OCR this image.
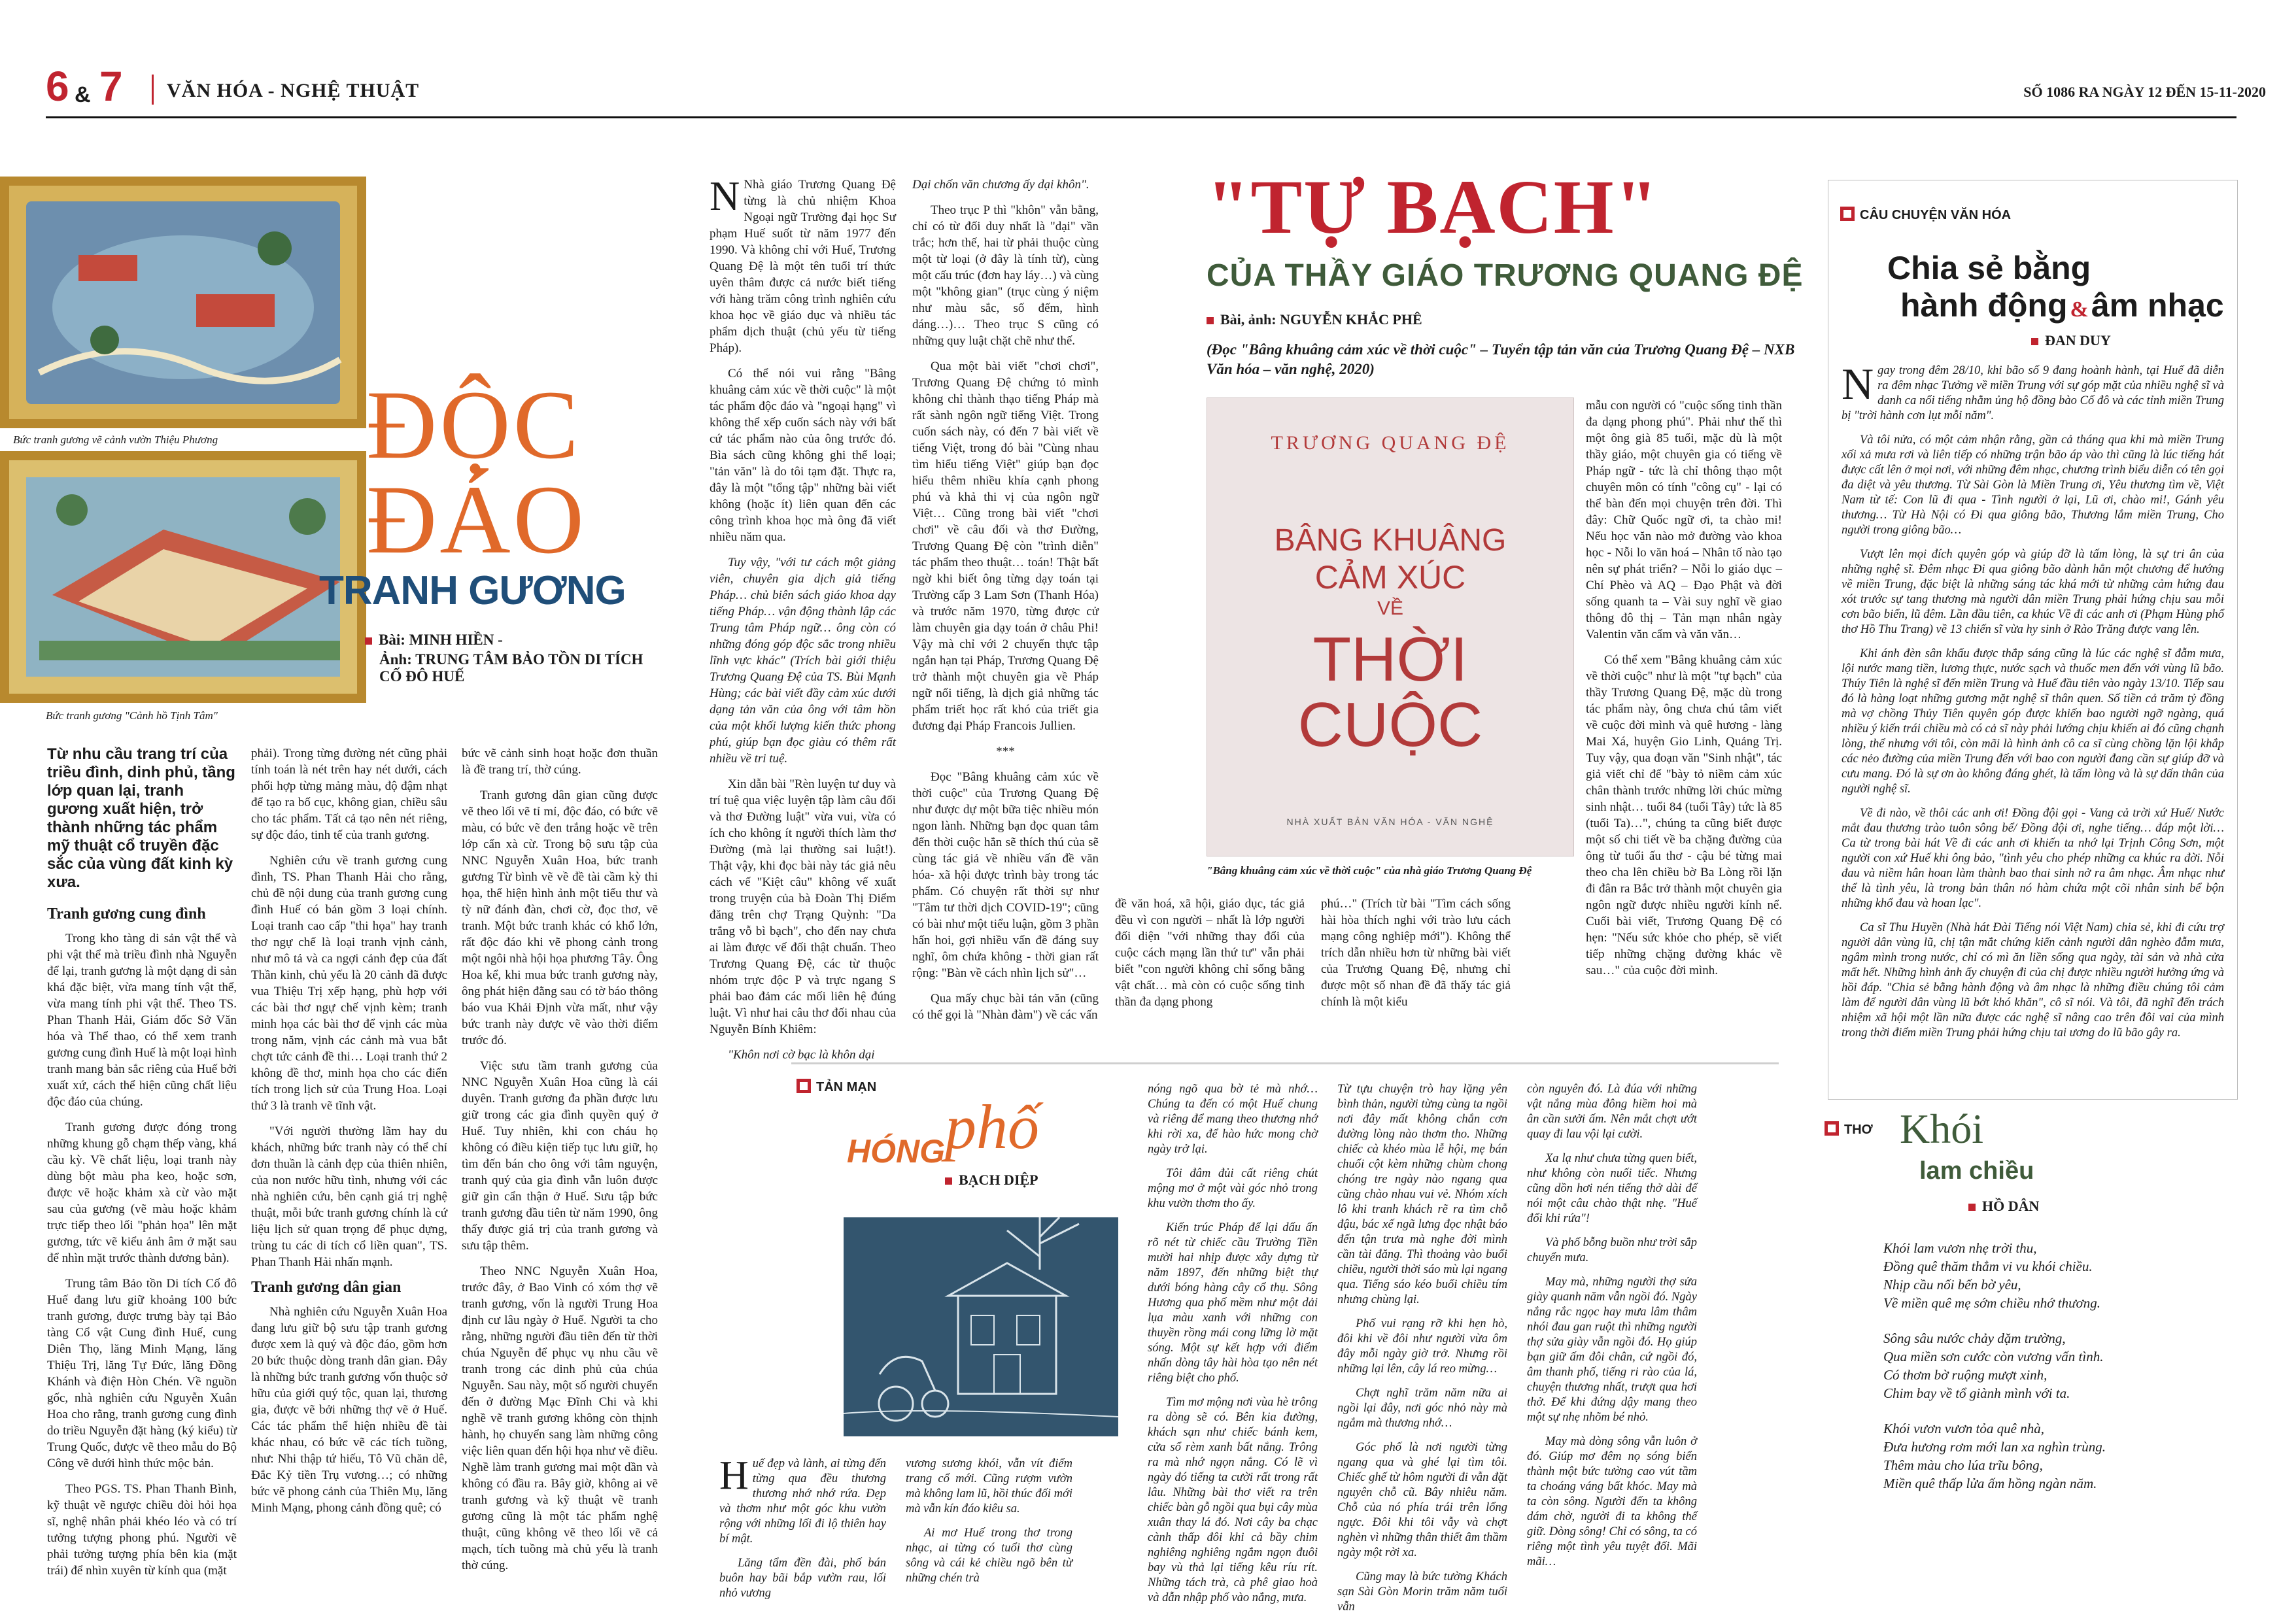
6 & 7 VĂN HÓA - NGHỆ THUẬT	SỐ 1086 RA NGÀY 12 ĐẾN 15-11-2020
Bức tranh gương vẽ cảnh vườn Thiệu Phương
Bức tranh gương "Cảnh hồ Tịnh Tâm"
ĐỘC
ĐÁO
TRANH GƯƠNG
Bài: MINH HIỀN -
Ảnh: TRUNG TÂM BẢO TỒN DI TÍCH CỐ ĐÔ HUẾ
Từ nhu cầu trang trí của triều đình, dinh phủ, tầng lớp quan lại, tranh gương xuất hiện, trở thành những tác phẩm mỹ thuật cổ truyền đặc sắc của vùng đất kinh kỳ xưa.
Tranh gương cung đình

Trong kho tàng di sản vật thể và phi vật thể mà triều đình nhà Nguyễn để lại, tranh gương là một dạng di sản khá đặc biệt, vừa mang tính vật thể, vừa mang tính phi vật thể. Theo TS. Phan Thanh Hải, Giám đốc Sở Văn hóa và Thể thao, có thể xem tranh gương cung đình Huế là một loại hình tranh mang bản sắc riêng của Huế bởi xuất xứ, cách thể hiện cũng chất liệu độc đáo của chúng.

Tranh gương được đóng trong những khung gỗ chạm thếp vàng, khá cầu kỳ. Về chất liệu, loại tranh này dùng bột màu pha keo, hoặc sơn, được vẽ hoặc khảm xà cừ vào mặt sau của gương (vẽ màu hoặc khảm trực tiếp theo lối "phản họa" lên mặt gương, tức vẽ kiểu ảnh âm ở mặt sau để nhìn mặt trước thành dương bản).

Trung tâm Bảo tồn Di tích Cố đô Huế đang lưu giữ khoảng 100 bức tranh gương, được trưng bày tại Bảo tàng Cổ vật Cung đình Huế, cung Diên Thọ, lăng Minh Mạng, lăng Thiệu Trị, lăng Tự Đức, lăng Đồng Khánh và điện Hòn Chén. Về nguồn gốc, nhà nghiên cứu Nguyễn Xuân Hoa cho rằng, tranh gương cung đình do triều Nguyễn đặt hàng (ký kiểu) từ Trung Quốc, được vẽ theo mẫu do Bộ Công vẽ dưới hình thức mộc bản.

Theo PGS. TS. Phan Thanh Bình, kỹ thuật vẽ ngược chiều đòi hỏi họa sĩ, nghệ nhân phải khéo léo và có trí tưởng tượng phong phú. Người vẽ phải tưởng tượng phía bên kia (mặt trái) để nhìn xuyên từ kính qua (mặt

phải). Trong từng đường nét cũng phải tính toán là nét trên hay nét dưới, cách phối hợp từng mảng màu, độ đậm nhạt để tạo ra bố cục, không gian, chiều sâu cho tác phẩm. Tất cả tạo nên nét riêng, sự độc đáo, tinh tế của tranh gương.

Nghiên cứu về tranh gương cung đình, TS. Phan Thanh Hải cho rằng, chủ đề nội dung của tranh gương cung đình Huế có bản gồm 3 loại chính. Loại tranh cao cấp "thi họa" hay tranh thơ ngự chế là loại tranh vịnh cảnh, như mô tả và ca ngợi cảnh đẹp của đất Thần kinh, chủ yếu là 20 cảnh đã được vua Thiệu Trị xếp hạng, phù hợp với các bài thơ ngự chế vịnh kèm; tranh minh họa các bài thơ để vịnh các mùa trong năm, vịnh các cảnh mà vua bắt chợt tức cảnh đề thi… Loại tranh thứ 2 không đề thơ, minh họa cho các điển tích trong lịch sử của Trung Hoa. Loại thứ 3 là tranh vẽ tĩnh vật.

"Với người thường lãm hay du khách, những bức tranh này có thể chỉ đơn thuần là cảnh đẹp của thiên nhiên, của non nước hữu tình, nhưng với các nhà nghiên cứu, bên cạnh giá trị nghệ thuật, mỗi bức tranh gương chính là cứ liệu lịch sử quan trọng để phục dựng, trùng tu các di tích cổ liền quan", TS. Phan Thanh Hải nhấn mạnh.

Tranh gương dân gian

Nhà nghiên cứu Nguyễn Xuân Hoa đang lưu giữ bộ sưu tập tranh gương được xem là quý và độc đáo, gồm hơn 20 bức thuộc dòng tranh dân gian. Đây là những bức tranh gương vốn thuộc sở hữu của giới quý tộc, quan lại, thương gia, được vẽ bởi những thợ vẽ ở Huế. Các tác phẩm thể hiện nhiều đề tài khác nhau, có bức vẽ các tích tuồng, như: Nhi thập tứ hiếu, Tô Vũ chăn dê, Đắc Kỷ tiền Trụ vương…; có những bức vẽ phong cảnh của Thiên Mụ, lăng Minh Mạng, phong cảnh đồng quê; có

bức vẽ cảnh sinh hoạt hoặc đơn thuần là đề trang trí, thờ cúng.

Tranh gương dân gian cũng được vẽ theo lối vẽ tỉ mỉ, độc đáo, có bức vẽ màu, có bức vẽ đen trắng hoặc vẽ trên lớp cẩn xà cừ. Trong bộ sưu tập của NNC Nguyễn Xuân Hoa, bức tranh gương Từ bình vẽ về đề tài cầm kỳ thi họa, thể hiện hình ảnh một tiểu thư và tỳ nữ đánh đàn, chơi cờ, đọc thơ, vẽ tranh. Một bức tranh khác có khổ lớn, rất độc đáo khi vẽ phong cảnh trong một ngôi nhà hội họa phương Tây. Ông Hoa kể, khi mua bức tranh gương này, ông phát hiện đằng sau có tờ báo thông báo vua Khải Định vừa mất, như vậy bức tranh này được vẽ vào thời điểm trước đó.

Việc sưu tầm tranh gương của NNC Nguyễn Xuân Hoa cũng là cái duyên. Tranh gương đa phần được lưu giữ trong các gia đình quyền quý ở Huế. Tuy nhiên, khi con cháu họ không có điều kiện tiếp tục lưu giữ, họ tìm đến bán cho ông với tâm nguyện, tranh quý của gia đình vẫn luôn được giữ gìn cẩn thận ở Huế. Sưu tập bức tranh gương đầu tiên từ năm 1990, ông thấy được giá trị của tranh gương và sưu tập thêm.

Theo NNC Nguyễn Xuân Hoa, trước đây, ở Bao Vinh có xóm thợ vẽ tranh gương, vốn là người Trung Hoa định cư lâu ngày ở Huế. Người ta cho rằng, những người đầu tiên đến từ thời chúa Nguyễn để phục vụ nhu cầu vẽ tranh trong các dinh phủ của chúa Nguyễn. Sau này, một số người chuyển đến ở đường Mạc Đĩnh Chi và khi nghề vẽ tranh gương không còn thịnh hành, họ chuyển sang làm những công việc liên quan đến hội họa như vẽ điều. Nghề làm tranh gương mai một dần và không có đầu ra. Bây giờ, không ai vẽ tranh gương và kỹ thuật vẽ tranh gương cũng là một tác phẩm nghệ thuật, cũng không vẽ theo lối vẽ cả mạch, tích tuồng mà chủ yếu là tranh thờ cúng.

N Nhà giáo Trương Quang Đệ từng là chủ nhiệm Khoa Ngoại ngữ Trường đại học Sư phạm Huế suốt từ năm 1977 đến 1990. Và không chỉ với Huế, Trương Quang Đệ là một tên tuổi trí thức uyên thâm được cả nước biết tiếng với hàng trăm công trình nghiên cứu khoa học về giáo dục và nhiều tác phẩm dịch thuật (chủ yếu từ tiếng Pháp).

Có thể nói vui rằng "Bâng khuâng cảm xúc về thời cuộc" là một tác phẩm độc đáo và "ngoại hạng" vì không thể xếp cuốn sách này với bất cứ tác phẩm nào của ông trước đó. Bìa sách cũng không ghi thể loại; "tản văn" là do tôi tạm đặt. Thực ra, đây là một "tổng tập" những bài viết không (hoặc ít) liên quan đến các công trình khoa học mà ông đã viết nhiều năm qua.

Tuy vậy, "với tư cách một giảng viên, chuyên gia dịch giả tiếng Pháp… chủ biên sách giáo khoa dạy tiếng Pháp… vận động thành lập các Trung tâm Pháp ngữ… ông còn có những đóng góp độc sắc trong nhiều lĩnh vực khác" (Trích bài giới thiệu Trương Quang Đệ của TS. Bùi Mạnh Hùng; các bài viết đầy cảm xúc dưới dạng tản văn của ông với tâm hồn của một khối lượng kiến thức phong phú, giúp bạn đọc giàu có thêm rất nhiều về tri tuệ.

Xin dẫn bài "Rèn luyện tư duy và trí tuệ qua việc luyện tập làm câu đối và thơ Đường luật" vừa vui, vừa có ích cho không ít người thích làm thơ Đường (mà lại thường sai luật!). Thật vậy, khi đọc bài này tác giả nêu cách vế "Kiệt câu" không vế xuất trong truyện của bà Đoàn Thị Điểm đăng trên chợ Trạng Quỳnh: "Da trắng vỗ bì bạch", cho đến nay chưa ai làm được vế đối thật chuẩn. Theo Trương Quang Đệ, các từ thuộc nhóm trực độc P và trực ngang S phải bao đảm các mối liên hệ đúng luật. Vì như hai câu thơ đối nhau của Nguyễn Bính Khiêm:

"Khôn nơi cờ bạc là khôn dại

Dại chốn văn chương ấy dại khôn".

Theo trục P thì "khôn" vẫn bằng, chỉ có từ đối duy nhất là "dại" vần trắc; hơn thế, hai từ phải thuộc cùng một từ loại (ở đây là tính từ), cùng một cấu trúc (đơn hay láy…) và cùng một "không gian" (trục cùng ý niệm như màu sắc, số đếm, hình dáng…)… Theo trục S cũng có những quy luật chặt chẽ như thế.

Qua một bài viết "chơi chơi", Trương Quang Đệ chứng tỏ mình không chỉ thành thạo tiếng Pháp mà rất sành ngôn ngữ tiếng Việt. Trong cuốn sách này, có đến 7 bài viết về tiếng Việt, trong đó bài "Cùng nhau tìm hiểu tiếng Việt" giúp bạn đọc hiểu thêm nhiều khía cạnh phong phú và khả thi vị của ngôn ngữ Việt… Cũng trong bài viết "chơi chơi" về câu đối và thơ Đường, Trương Quang Đệ còn "trình diễn" tác phẩm theo thuật… toán! Thật bất ngờ khi biết ông từng dạy toán tại Trường cấp 3 Lam Sơn (Thanh Hóa) và trước năm 1970, từng được cử làm chuyên gia dạy toán ở châu Phi! Vậy mà chỉ với 2 chuyến thực tập ngắn hạn tại Pháp, Trương Quang Đệ trở thành một chuyên gia về Pháp ngữ nổi tiếng, là dịch giả những tác phẩm triết học rất khó của triết gia đương đại Pháp Francois Jullien.

***

Đọc "Bâng khuâng cảm xúc về thời cuộc" của Trương Quang Đệ như được dự một bữa tiệc nhiều món ngon lành. Những bạn đọc quan tâm đến thời cuộc hẳn sẽ thích thú của sẽ cùng tác giả về nhiều vấn đề văn hóa- xã hội được trình bày trong tác phẩm. Có chuyện rất thời sự như "Tâm tư thời dịch COVID-19"; cũng có bài như một tiểu luận, gồm 3 phần hấn hoi, gợi nhiều vấn đề đáng suy nghĩ, ôm chứa không - thời gian rất rộng: "Bàn về cách nhìn lịch sử"…

Qua mấy chục bài tản văn (cũng có thể gọi là "Nhàn đàm") về các vấn

"TỰ BẠCH"
CỦA THẦY GIÁO TRƯƠNG QUANG ĐỆ
Bài, ảnh: NGUYỄN KHẮC PHÊ
(Đọc "Bâng khuâng cảm xúc về thời cuộc" – Tuyển tập tản văn của Trương Quang Đệ – NXB Văn hóa – văn nghệ, 2020)
TRƯƠNG QUANG ĐỆ
BÂNG KHUÂNG
CẢM XÚC
VỀ
THỜI
CUỘC
NHÀ XUẤT BẢN VĂN HÓA - VĂN NGHỆ
"Bâng khuâng cảm xúc về thời cuộc" của nhà giáo Trương Quang Đệ

đề văn hoá, xã hội, giáo dục, tác giả đều vì con người – nhất là lớp người đối diện "với những thay đổi của cuộc cách mạng lần thứ tư" vẫn phải biết "con người không chỉ sống bằng vật chất… mà còn có cuộc sống tinh thần đa dạng phong

phú…" (Trích từ bài "Tìm cách sống hài hòa thích nghi với trào lưu cách mạng công nghiệp mới"). Không thể trích dẫn nhiều hơn từ những bài viết của Trương Quang Đệ, nhưng chỉ được một số nhan đề đã thấy tác giả chính là một kiểu

mẫu con người có "cuộc sống tinh thần đa dạng phong phú". Phải như thế thì một ông già 85 tuổi, mặc dù là một thầy giáo, một chuyên gia có tiếng về Pháp ngữ - tức là chỉ thông thạo một chuyên môn có tính "công cụ" - lại có thể bàn đến mọi chuyện trên đời. Thì đây: Chữ Quốc ngữ ơi, ta chào mi! Nếu học văn nào mở đường vào khoa học - Nỗi lo văn hoá – Nhân tố nào tạo nên sự phát triển? – Nỗi lo giáo dục – Chí Phèo và AQ – Đạo Phật và đời sống quanh ta – Vài suy nghĩ về giao thông đô thị – Tản mạn nhân ngày Valentin văn cẩm và văn văn…

Có thể xem "Bâng khuâng cảm xúc về thời cuộc" như là một "tự bạch" của thầy Trương Quang Đệ, mặc dù trong tác phẩm này, ông chưa chú tâm viết về cuộc đời mình và quê hương - làng Mai Xá, huyện Gio Linh, Quảng Trị. Tuy vậy, qua đoạn văn "Sinh nhật", tác giả viết chỉ để "bày tỏ niềm cảm xúc chân thành trước những lời chúc mừng sinh nhật… tuổi 84 (tuổi Tây) tức là 85 (tuổi Ta)…", chúng ta cũng biết được một số chi tiết về ba chặng đường của ông từ tuổi ấu thơ - cậu bé từng mai theo cha lên chiều bờ Ba Lòng rồi lặn đi đân ra Bắc trở thành một chuyên gia ngôn ngữ được nhiều người kính nể. Cuối bài viết, Trương Quang Đệ có hẹn: "Nếu sức khỏe cho phép, sẽ viết tiếp những chặng đường khác về sau…" của cuộc đời mình.

CÂU CHUYỆN VĂN HÓA
Chia sẻ bằng
hành động & âm nhạc
ĐAN DUY

Ngay trong đêm 28/10, khi bão số 9 đang hoành hành, tại Huế đã diễn ra đêm nhạc Tưởng về miền Trung với sự góp mặt của nhiều nghệ sĩ và danh ca nổi tiếng nhằm ủng hộ đồng bào Cố đô và các tỉnh miền Trung bị "trời hành cơn lụt mỗi năm".

Và tôi nửa, có một cảm nhận rằng, gần cả tháng qua khi mà miền Trung xối xả mưa rơi và liên tiếp có những trận bão áp vào thì cũng là lúc tiếng hát được cất lên ở mọi nơi, với những đêm nhạc, chương trình biểu diễn có tên gọi đa diệt và yêu thương. Từ Sài Gòn là Miền Trung ơi, Yêu thương tìm về, Việt Nam từ tế: Con lũ đi qua - Tình người ở lại, Lũ ơi, chào mi!, Gánh yêu thương… Từ Hà Nội có Đi qua giông bão, Thương lắm miền Trung, Cho người trong giông bão…

Vượt lên mọi đích quyên góp và giúp đỡ là tấm lòng, là sự tri ân của những nghệ sĩ. Đêm nhạc Đi qua giông bão dành hẳn một chương để hướng về miền Trung, đặc biệt là những sáng tác khá mới từ những cảm hứng đau xót trước sự tang thương mà người dân miền Trung phải hứng chịu sau mỗi cơn bão biển, lũ đêm. Lần đầu tiên, ca khúc Về đi các anh ơi (Phạm Hùng phổ thơ Hồ Thu Trang) về 13 chiến sĩ vừa hy sinh ở Rào Trăng được vang lên.

Khi ánh đèn sân khấu được thắp sáng cũng là lúc các nghệ sĩ đẫm mưa, lội nước mang tiền, lương thực, nước sạch và thuốc men đến với vùng lũ bão. Thúy Tiên là nghệ sĩ đến miền Trung và Huế đầu tiên vào ngày 13/10. Tiếp sau đó là hàng loạt những gương mặt nghệ sĩ thân quen. Số tiền cả trăm tỷ đồng mà vợ chồng Thủy Tiên quyên góp được khiến bao người ngỡ ngàng, quá nhiều ý kiến trái chiều mà có cả sĩ này phải lướng chịu khiến ai đó cũng chạnh lòng, thể nhưng với tôi, còn mãi là hình ảnh cô ca sĩ cùng chồng lặn lội khắp các nẻo đường của miền Trung đến với bao con người đang cần sự giúp đỡ và cưu mang. Đó là sự ơn ào không đáng ghét, là tấm lòng và là sự dấn thân của người nghệ sĩ.

Về đi nào, về thôi các anh ơi! Đồng đội gọi - Vang cả trời xứ Huế/ Nước mắt đau thương trào tuôn sông bể/ Đồng đội ơi, nghe tiếng… đáp một lời… Ca từ trong bài hát Về đi các anh ơi khiến ta nhớ lại Trịnh Công Sơn, một người con xứ Huế khi ông bảo, "tình yêu cho phép những ca khúc ra đời. Nỗi đau và niềm hân hoan làm thành bao thai sinh nở ra âm nhạc. Âm nhạc như thể là tình yêu, là trong bản thân nó hàm chứa một cõi nhân sinh bể bộn những khổ đau và hoan lạc".

Ca sĩ Thu Huyền (Nhà hát Đài Tiếng nói Việt Nam) chia sẻ, khi đi cứu trợ người dân vùng lũ, chị tận mắt chứng kiến cảnh người dân nghèo đẫm mưa, ngâm mình trong nước, chỉ có mì ăn liền sống qua ngày, tài sản và nhà cửa mất hết. Những hình ảnh ấy chuyện đi của chị được nhiều người hưởng ứng và hồi đáp. "Chia sẻ bằng hành động và âm nhạc là những điều chúng tôi cảm làm để người dân vùng lũ bớt khó khăn", cô sĩ nói. Và tôi, đã nghĩ đến trách nhiệm xã hội một lần nữa được các nghệ sĩ nâng cao trên đôi vai của mình trong thời điểm miền Trung phải hứng chịu tai ương do lũ bão gây ra.

TẢN MẠN
HÓNG phố
BẠCH DIỆP

Huế đẹp và lành, ai từng đến từng qua đều thương thương nhớ nhớ rứa. Đẹp và thơm như một góc khu vườn rộng với những lối đi lộ thiên hay bí mật.

Lăng tẩm đền đài, phố bán buôn hay bãi bắp vườn rau, lối nhỏ vương

vương sương khói, vẫn vít điểm trang cổ mới. Cũng rượm vườn mà không lam lũ, hồi thúc đối mới mà vẫn kín đáo kiêu sa.

Ai mơ Huế trong thơ trong nhạc, ai từng có tuổi thơ cùng sông và cái kẻ chiều ngõ bên từ những chén trà

nóng ngõ qua bờ tẻ mà nhớ… Chúng ta đến có một Huế chung và riêng để mang theo thương nhớ khi rời xa, để hào hức mong chờ ngày trở lại.

Tôi đâm đủi cất riêng chút mộng mơ ở một vài góc nhỏ trong khu vườn thơm tho ấy.

Kiến trúc Pháp để lại dấu ấn rõ nét từ chiếc cầu Trường Tiền mười hai nhịp được xây dựng từ năm 1897, đến những biệt thự dưới bóng hàng cây cổ thụ. Sông Hương qua phố mềm như một dải lụa màu xanh với những con thuyền rồng mái cong lững lờ mặt sóng. Một sự kết hợp với điểm nhấn dòng tây hài hòa tạo nên nét riêng biệt cho phố.

Tìm mơ mộng nơi vùa hè trông ra dòng sẽ có. Bên kia đường, khách sạn như chiếc bánh kem, cửa sổ rèm xanh bất nắng. Trông ra mà nhớ ngọn nắng. Có lẽ vì ngày đó tiếng ta cười rất trong rất lâu. Những bài thơ viết ra trên chiếc bàn gỗ ngồi qua bụi cây mùa xuân thay lá đó. Nơi cây ba chạc cành thấp đôi khi cả bầy chim nghiêng nghiêng ngắm ngọn đuôi bay vù thả lại tiếng kêu ríu rít. Những tách trà, cà phê giao hoà và dẫn nhập phố vào nắng, mưa.

Từ tựu chuyện trò hay lặng yên bình thản, người từng cùng ta ngồi nơi đây mất không chắn cơn đường lòng nào thơm tho. Những chiếc cà khéo mùa lễ hội, mẹ bán chuối cột kèm những chùm chong chóng tre ngày nào ngang qua cũng chào nhau vui vẻ. Nhóm xích lô khi tranh khách rẽ ra tìm chỗ đậu, bác xế ngã lưng đọc nhật báo đến tận trưa mà nghe đời mình cần tài đăng. Thì thoảng vào buổi chiều, người thời sáo mù lại ngang qua. Tiếng sáo kéo buổi chiều tím nhưng chùng lại.

Phố vui rạng rỡ khi hẹn hò, đôi khi về đôi như người vừa ôm đây mỗi ngày giờ trở. Nhưng rồi những lại lên, cây lá reo mừng…

Chợt nghĩ trăm năm nữa ai ngồi lại đây, nơi góc nhỏ này mà ngắm mà thương nhớ…

Góc phố là nơi người từng ngang qua và ghé lại tìm tôi. Chiếc ghế từ hôm người đi vẫn đặt nguyên chỗ cũ. Bây nhiêu năm. Chỗ của nó phía trái trên lổng ngực. Đôi khi tôi vẫy và chợt nghèn vì những thân thiết âm thầm ngày một rời xa.

Cũng may là bức tường Khách sạn Sài Gòn Morin trăm năm tuổi vẫn

còn nguyên đó. Là đúa với những vật nắng mùa đông hiềm hoi mà ân cần sưởi ấm. Nên mắt chợt ướt quay đi lau vội lại cười.

Xa lạ như chưa từng quen biết, như không còn nuối tiếc. Nhưng cũng dồn hơi nén tiếng thở dài để nói một câu chào thật nhẹ. "Huế đổi khi rứa"!

Và phố bỗng buồn như trời sắp chuyển mưa.

May mà, những người thợ sửa giày quanh năm vẫn ngồi đó. Ngày nắng rắc ngọc hay mưa lâm thâm nhói đau gan ruột thì những người thợ sửa giày vẫn ngồi đó. Họ giúp bạn giữ ấm đôi chân, cứ ngồi đó, âm thanh phố, tiếng ri rào của lá, chuyện thương nhất, trượt qua hơi thở. Để khi đứng dậy mang theo một sự nhẹ nhõm bé nhỏ.

May mà dòng sông vẫn luôn ở đó. Giúp mơ đêm nọ sóng biển thành một bức tường cao vút tầm ta choáng váng bất khóc. May mà ta còn sông. Người đến ta không dám chờ, người đi ta không thể giữ. Dòng sông! Chỉ có sông, ta có riêng một tình yêu tuyệt đối. Mãi mãi…

THƠ Khói
lam chiều
HỒ DÂN
Khói lam vươn nhẹ trời thu,
Đồng quê thăm thẳm vi vu khói chiều.
Nhịp cầu nối bến bờ yêu,
Về miền quê mẹ sớm chiều nhớ thương.
Sông sâu nước chảy dặm trường,
Qua miền sơn cước còn vương vấn tình.
Có thơm bờ ruộng mượt xinh,
Chim bay về tổ giành mình với ta.
Khói vươn vươn tỏa quê nhà,
Đưa hương rơm mới lan xa nghìn trùng.
Thêm màu cho lúa trĩu bông,
Miền quê thấp lửa ấm hồng ngàn năm.
